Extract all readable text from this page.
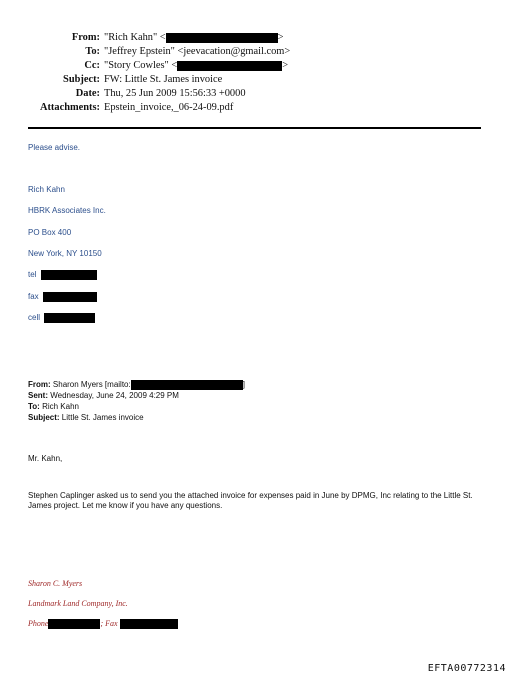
From: "Rich Kahn" <	>
To: "Jeffrey Epstein" <jeevacation@gmail.com>
Cc: "Story Cowles" <	>
Subject: FW: Little St. James invoice
Date: Thu, 25 Jun 2009 15:56:33 +0000
Attachments: Epstein_invoice,_06-24-09.pdf
Please advise.
Rich Kahn
HBRK Associates Inc.
PO Box 400
New York, NY 10150
tel
fax
cell
From: Sharon Myers [mailto:	]
Sent: Wednesday, June 24, 2009 4:29 PM
To: Rich Kahn
Subject: Little St. James invoice
Mr. Kahn,
Stephen Caplinger asked us to send you the attached invoice for expenses paid in June by DPMG, Inc relating to the Little St. James project. Let me know if you have any questions.
Sharon C. Myers
Landmark Land Company, Inc.
Phone	; Fax
EFTA00772314
